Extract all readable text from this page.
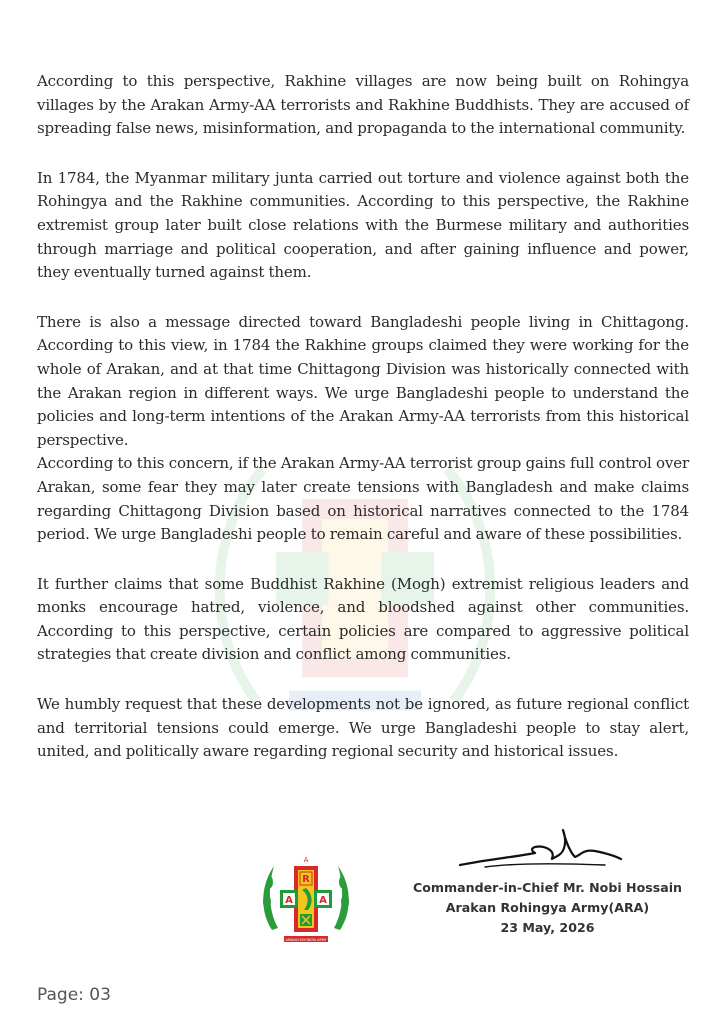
According to this perspective, Rakhine villages are now being built on Rohingya villages by the Arakan Army-AA terrorists and Rakhine Buddhists. They are accused of spreading false news, misinformation, and propaganda to the international community.

In 1784, the Myanmar military junta carried out torture and violence against both the Rohingya and the Rakhine communities. According to this perspective, the Rakhine extremist group later built close relations with the Burmese military and authorities through marriage and political cooperation, and after gaining influence and power, they eventually turned against them.

There is also a message directed toward Bangladeshi people living in Chittagong. According to this view, in 1784 the Rakhine groups claimed they were working for the whole of Arakan, and at that time Chittagong Division was historically connected with the Arakan region in different ways. We urge Bangladeshi people to understand the policies and long-term intentions of the Arakan Army-AA terrorists from this historical perspective.

According to this concern, if the Arakan Army-AA terrorist group gains full control over Arakan, some fear they may later create tensions with Bangladesh and make claims regarding Chittagong Division based on historical narratives connected to the 1784 period. We urge Bangladeshi people to remain careful and aware of these possibilities.

It further claims that some Buddhist Rakhine (Mogh) extremist religious leaders and monks encourage hatred, violence, and bloodshed against other communities. According to this perspective, certain policies are compared to aggressive political strategies that create division and conflict among communities.

We humbly request that these developments not be ignored, as future regional conflict and territorial tensions could emerge. We urge Bangladeshi people to stay alert, united, and politically aware regarding regional security and historical issues.

A
R
A	A
ARAKAN ROHINGYA ARMY
Commander-in-Chief Mr. Nobi Hossain
Arakan Rohingya Army(ARA)
23 May, 2026
Page: 03
